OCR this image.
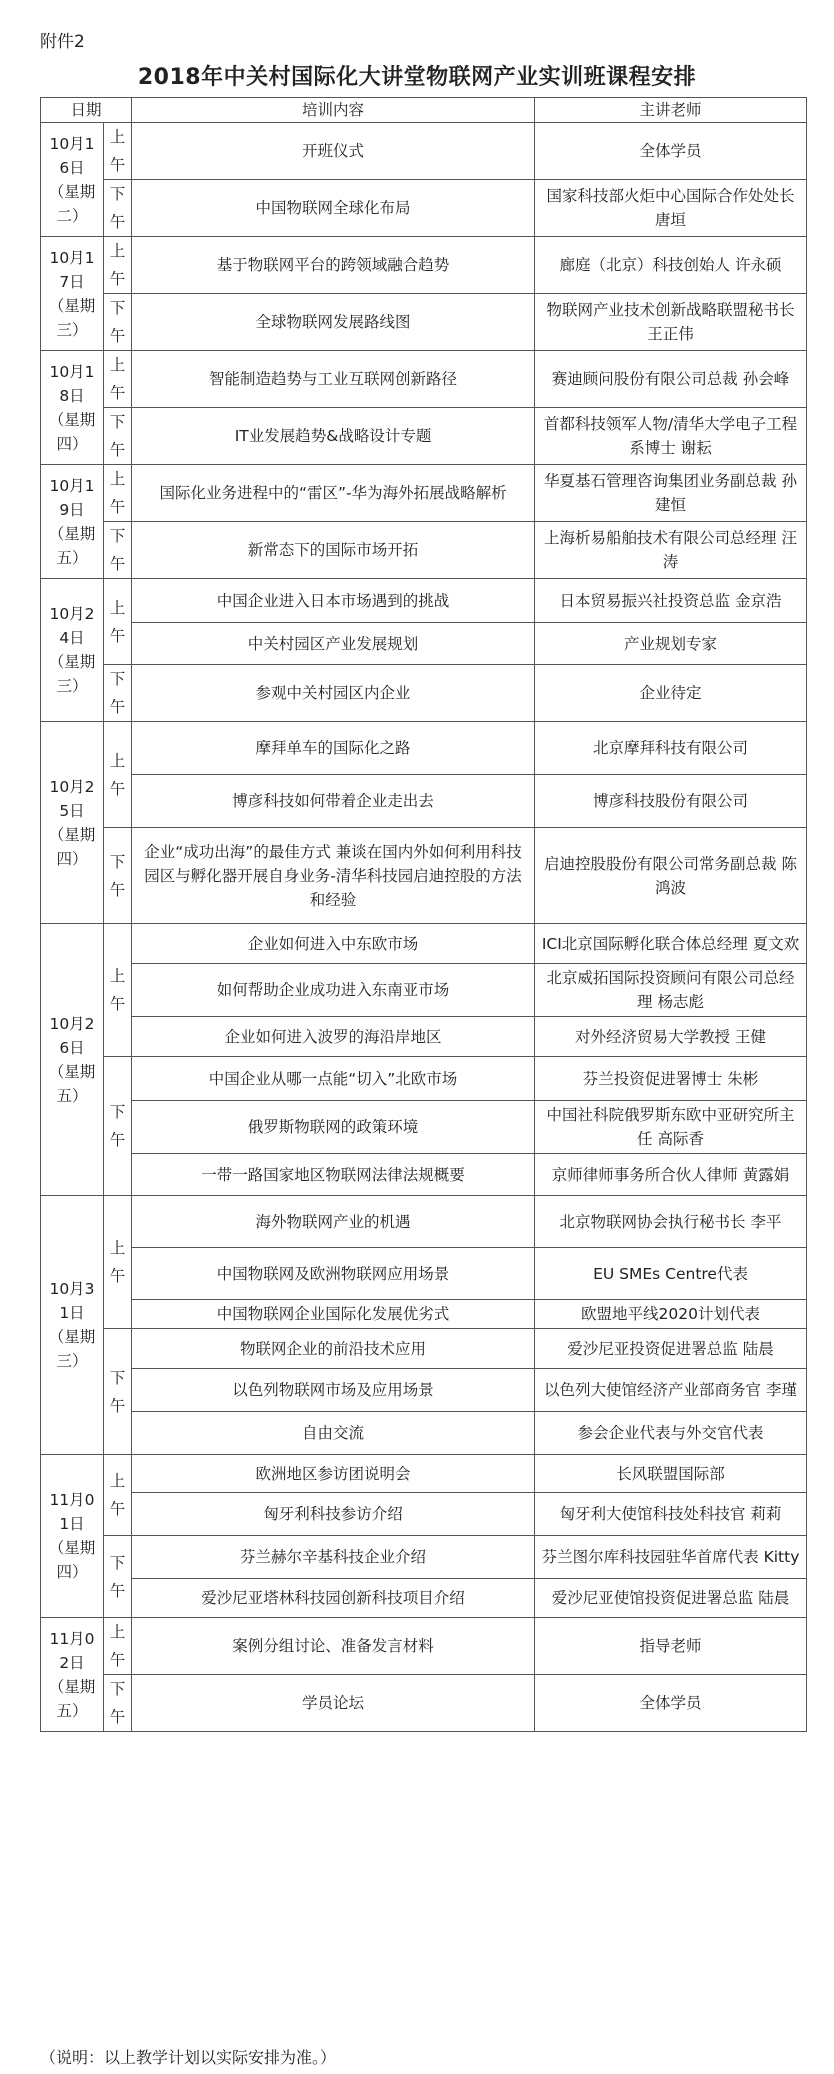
附件2
2018年中关村国际化大讲堂物联网产业实训班课程安排
日期		培训内容	主讲老师
10月16日（星期二）	上午	开班仪式	全体学员
	下午	中国物联网全球化布局	国家科技部火炬中心国际合作处处长 唐垣
10月17日（星期三）	上午	基于物联网平台的跨领域融合趋势	廊庭（北京）科技创始人 许永硕
	下午	全球物联网发展路线图	物联网产业技术创新战略联盟秘书长 王正伟
10月18日（星期四）	上午	智能制造趋势与工业互联网创新路径	赛迪顾问股份有限公司总裁 孙会峰
	下午	IT业发展趋势&战略设计专题	首都科技领军人物/清华大学电子工程系博士 谢耘
10月19日（星期五）	上午	国际化业务进程中的“雷区”-华为海外拓展战略解析	华夏基石管理咨询集团业务副总裁 孙建恒
	下午	新常态下的国际市场开拓	上海析易船舶技术有限公司总经理 汪涛
10月24日（星期三）	上午	中国企业进入日本市场遇到的挑战	日本贸易振兴社投资总监 金京浩
		中关村园区产业发展规划	产业规划专家
	下午	参观中关村园区内企业	企业待定
10月25日（星期四）	上午	摩拜单车的国际化之路	北京摩拜科技有限公司
		博彦科技如何带着企业走出去	博彦科技股份有限公司
	下午	企业“成功出海”的最佳方式 兼谈在国内外如何利用科技园区与孵化器开展自身业务-清华科技园启迪控股的方法和经验	启迪控股股份有限公司常务副总裁 陈鸿波
10月26日（星期五）	上午	企业如何进入中东欧市场	ICI北京国际孵化联合体总经理 夏文欢
		如何帮助企业成功进入东南亚市场	北京威拓国际投资顾问有限公司总经理 杨志彪
		企业如何进入波罗的海沿岸地区	对外经济贸易大学教授 王健
	下午	中国企业从哪一点能“切入”北欧市场	芬兰投资促进署博士 朱彬
		俄罗斯物联网的政策环境	中国社科院俄罗斯东欧中亚研究所主任 高际香
		一带一路国家地区物联网法律法规概要	京师律师事务所合伙人律师 黄露娟
10月31日（星期三）	上午	海外物联网产业的机遇	北京物联网协会执行秘书长 李平
		中国物联网及欧洲物联网应用场景	EU SMEs Centre代表
		中国物联网企业国际化发展优劣式	欧盟地平线2020计划代表
	下午	物联网企业的前沿技术应用	爱沙尼亚投资促进署总监 陆晨
		以色列物联网市场及应用场景	以色列大使馆经济产业部商务官 李瑾
		自由交流	参会企业代表与外交官代表
11月01日（星期四）	上午	欧洲地区参访团说明会	长风联盟国际部
		匈牙利科技参访介绍	匈牙利大使馆科技处科技官 莉莉
	下午	芬兰赫尔辛基科技企业介绍	芬兰图尔库科技园驻华首席代表 Kitty
		爱沙尼亚塔林科技园创新科技项目介绍	爱沙尼亚使馆投资促进署总监 陆晨
11月02日（星期五）	上午	案例分组讨论、准备发言材料	指导老师
	下午	学员论坛	全体学员
（说明：以上教学计划以实际安排为准。）
